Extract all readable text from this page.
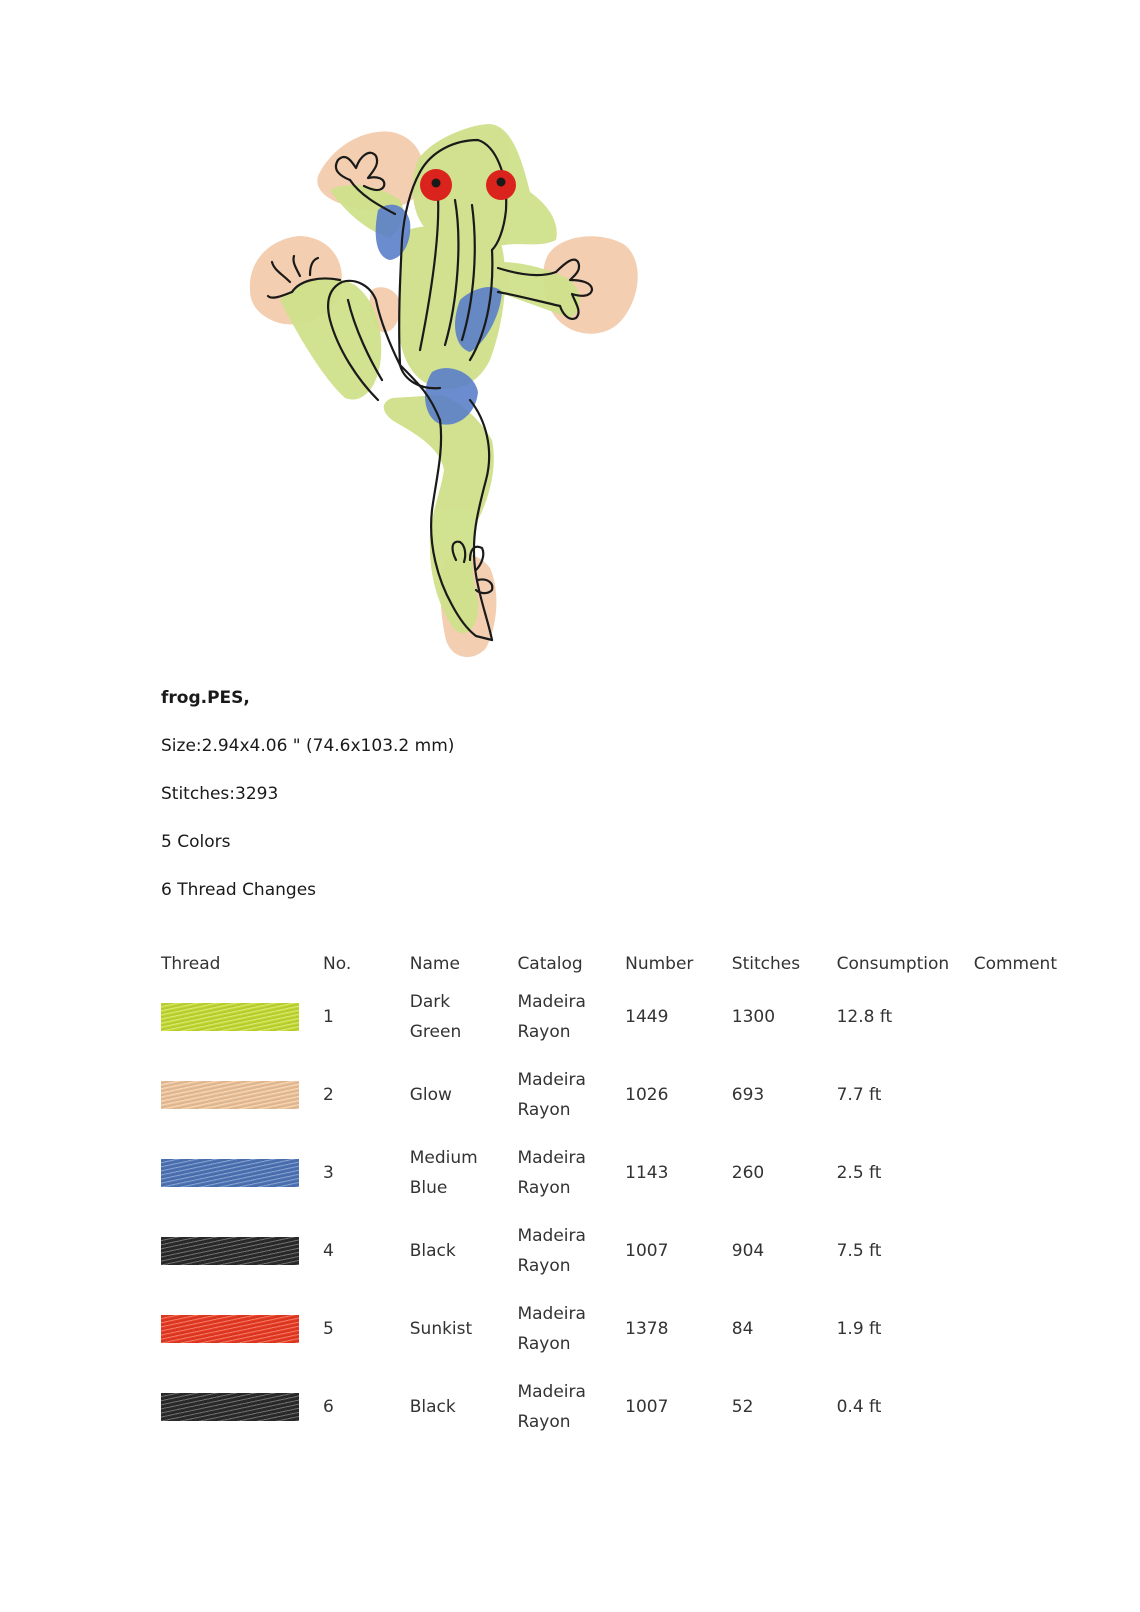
frog.PES,

Size:2.94x4.06 " (74.6x103.2 mm)

Stitches:3293

5 Colors

6 Thread Changes

Thread	No.	Name	Catalog	Number	Stitches	Consumption	Comment

	1	Dark Green	Madeira Rayon	1449	1300	12.8 ft	

	2	Glow	Madeira Rayon	1026	693	7.7 ft	

	3	Medium Blue	Madeira Rayon	1143	260	2.5 ft	

	4	Black	Madeira Rayon	1007	904	7.5 ft	

	5	Sunkist	Madeira Rayon	1378	84	1.9 ft	

	6	Black	Madeira Rayon	1007	52	0.4 ft	
